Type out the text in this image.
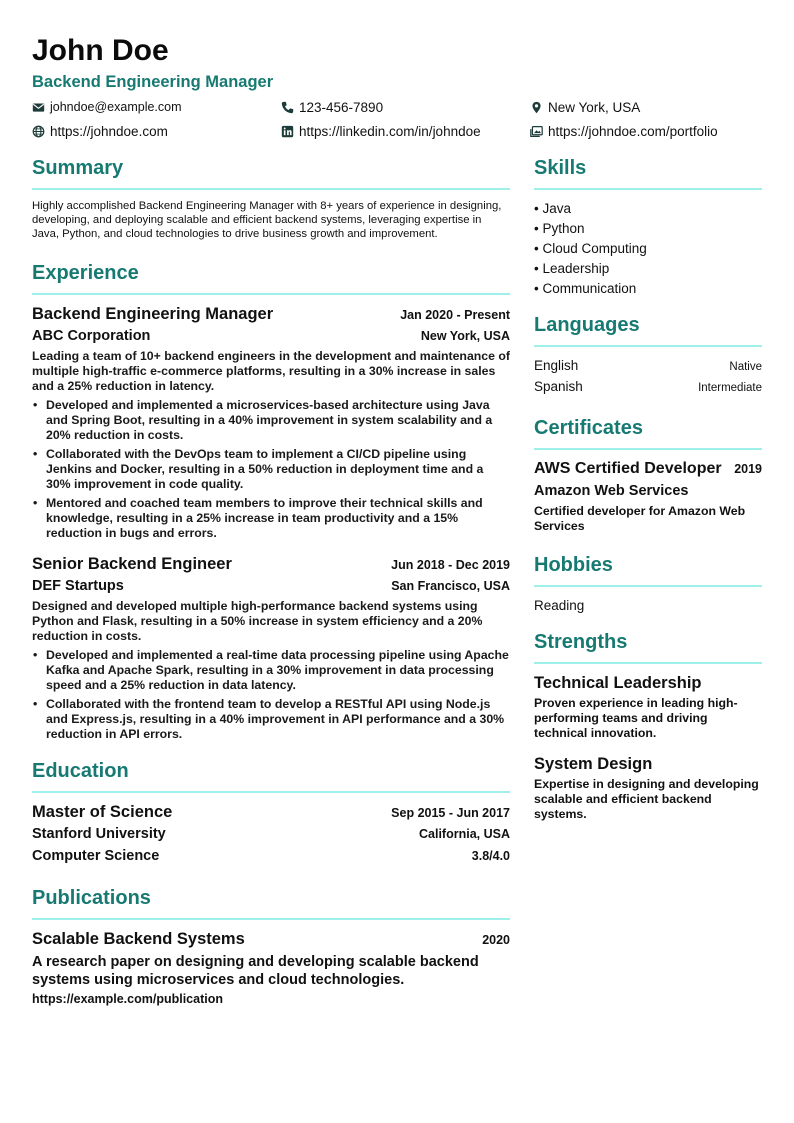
John Doe
Backend Engineering Manager
johndoe@example.com	123-456-7890	New York, USA
https://johndoe.com	https://linkedin.com/in/johndoe	https://johndoe.com/portfolio
Summary
Highly accomplished Backend Engineering Manager with 8+ years of experience in designing, developing, and deploying scalable and efficient backend systems, leveraging expertise in Java, Python, and cloud technologies to drive business growth and improvement.
Experience
Backend Engineering Manager	Jan 2020 - Present
ABC Corporation	New York, USA
Leading a team of 10+ backend engineers in the development and maintenance of multiple high-traffic e-commerce platforms, resulting in a 30% increase in sales and a 25% reduction in latency.
• Developed and implemented a microservices-based architecture using Java and Spring Boot, resulting in a 40% improvement in system scalability and a 20% reduction in costs.
• Collaborated with the DevOps team to implement a CI/CD pipeline using Jenkins and Docker, resulting in a 50% reduction in deployment time and a 30% improvement in code quality.
• Mentored and coached team members to improve their technical skills and knowledge, resulting in a 25% increase in team productivity and a 15% reduction in bugs and errors.
Senior Backend Engineer	Jun 2018 - Dec 2019
DEF Startups	San Francisco, USA
Designed and developed multiple high-performance backend systems using Python and Flask, resulting in a 50% increase in system efficiency and a 20% reduction in costs.
• Developed and implemented a real-time data processing pipeline using Apache Kafka and Apache Spark, resulting in a 30% improvement in data processing speed and a 25% reduction in data latency.
• Collaborated with the frontend team to develop a RESTful API using Node.js and Express.js, resulting in a 40% improvement in API performance and a 30% reduction in API errors.
Education
Master of Science	Sep 2015 - Jun 2017
Stanford University	California, USA
Computer Science	3.8/4.0
Publications
Scalable Backend Systems	2020
A research paper on designing and developing scalable backend systems using microservices and cloud technologies.
https://example.com/publication
Skills
• Java
• Python
• Cloud Computing
• Leadership
• Communication
Languages
English	Native
Spanish	Intermediate
Certificates
AWS Certified Developer 2019
Amazon Web Services
Certified developer for Amazon Web Services
Hobbies
Reading
Strengths
Technical Leadership
Proven experience in leading high-performing teams and driving technical innovation.
System Design
Expertise in designing and developing scalable and efficient backend systems.
